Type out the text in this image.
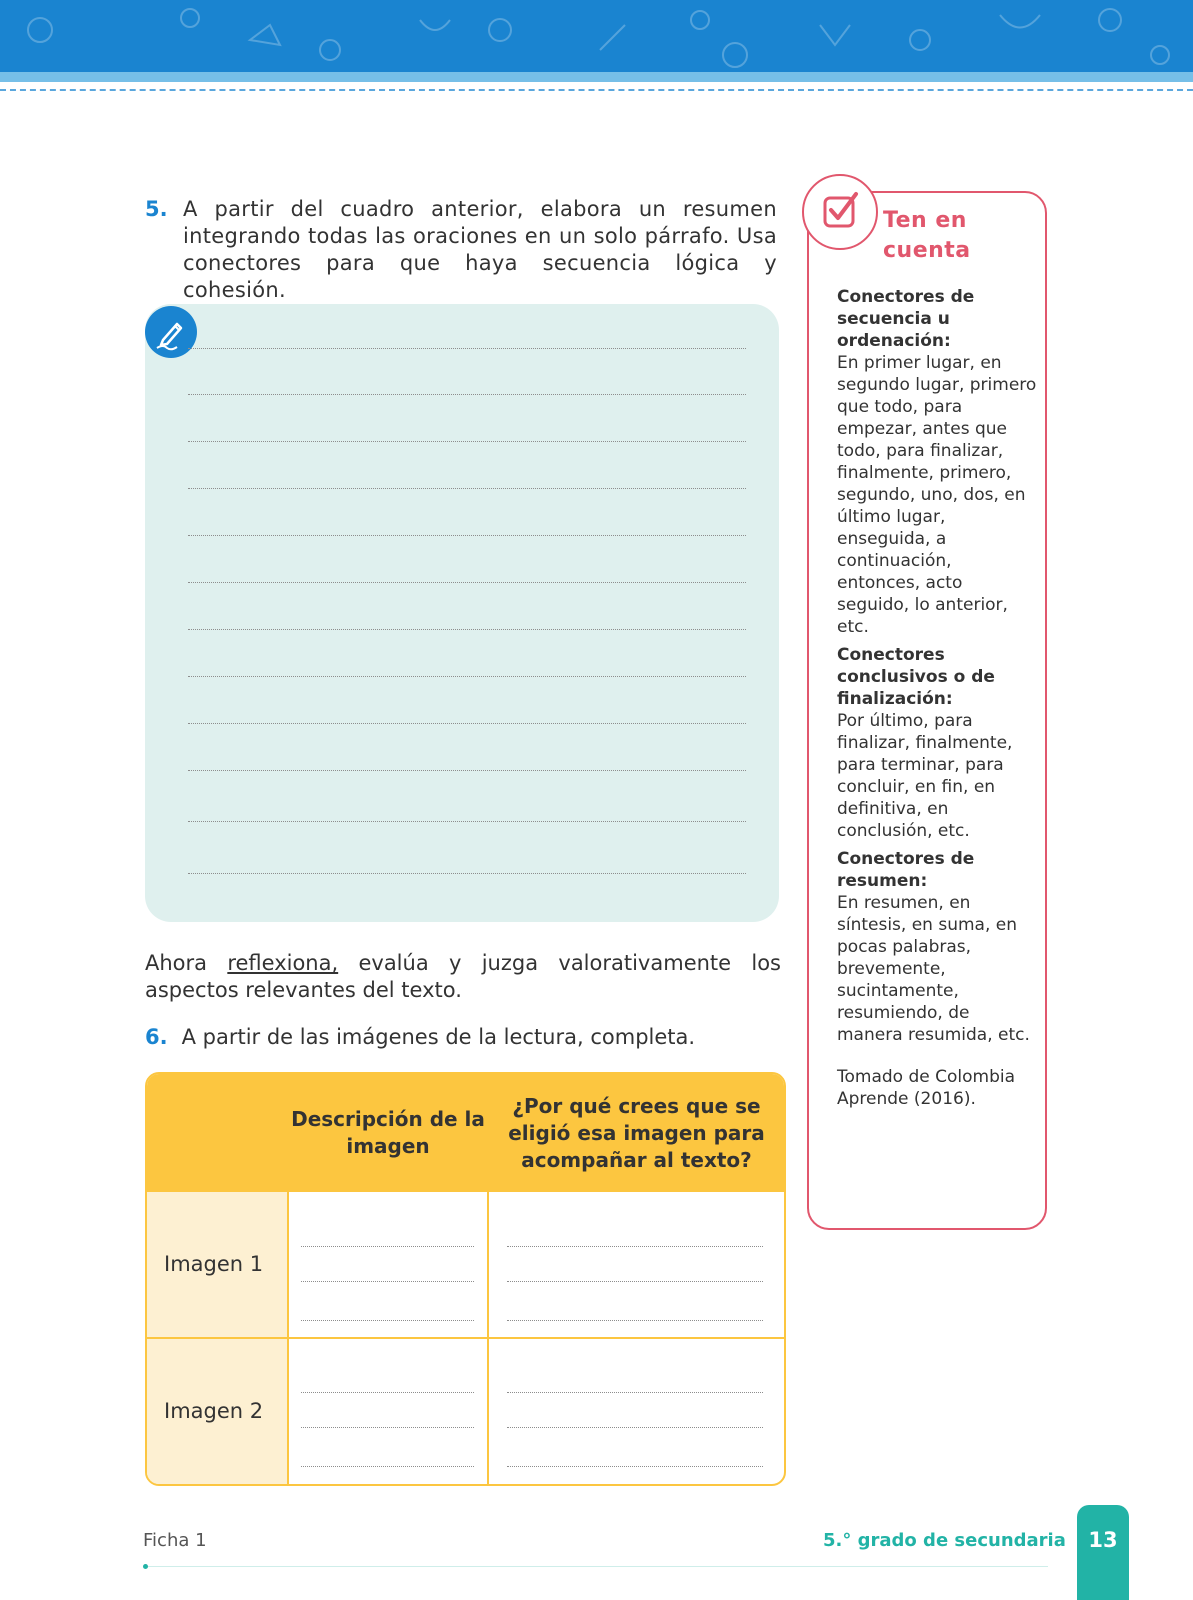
5. A partir del cuadro anterior, elabora un resumen integrando todas las oraciones en un solo párrafo. Usa conectores para que haya secuencia lógica y cohesión.
Ahora reflexiona, evalúa y juzga valorativamente los aspectos relevantes del texto.
6. A partir de las imágenes de la lectura, completa.
Descripción de la imagen
¿Por qué crees que se eligió esa imagen para acompañar al texto?
Imagen 1
Imagen 2
Ten en
cuenta
Conectores de secuencia u ordenación:
En primer lugar, en segundo lugar, primero que todo, para empezar, antes que todo, para finalizar, finalmente, primero, segundo, uno, dos, en último lugar, enseguida, a continuación, entonces, acto seguido, lo anterior, etc.
Conectores conclusivos o de finalización:
Por último, para finalizar, finalmente, para terminar, para concluir, en fin, en definitiva, en conclusión, etc.
Conectores de resumen:
En resumen, en síntesis, en suma, en pocas palabras, brevemente, sucintamente, resumiendo, de manera resumida, etc.
Tomado de Colombia Aprende (2016).
Ficha 1	5.° grado de secundaria	13
